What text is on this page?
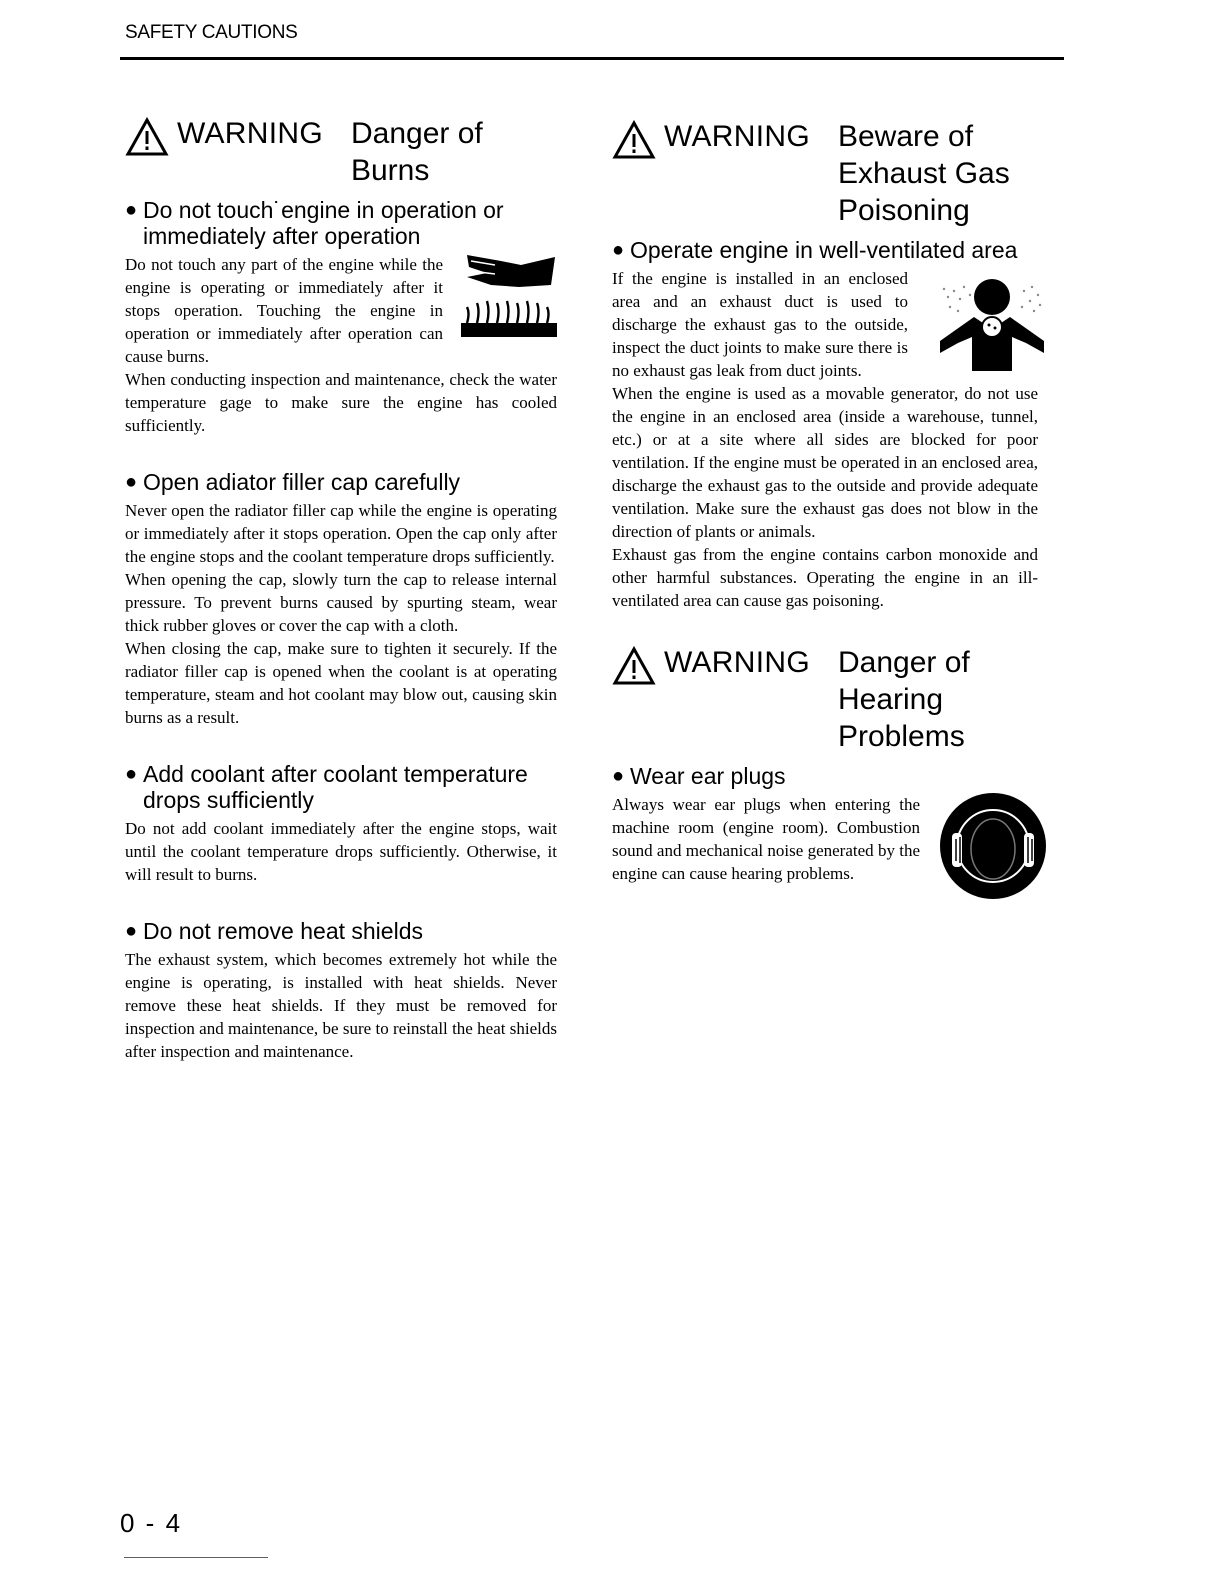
SAFETY CAUTIONS
WARNING Danger of
Burns
● Do not touch˙engine in operation or immediately after operation

Do not touch any part of the engine while the engine is operating or immediately after it stops operation. Touching the engine in operation or immediately after operation can cause burns.

When conducting inspection and maintenance, check the water temperature gage to make sure the engine has cooled sufficiently.

● Open adiator filler cap carefully

Never open the radiator filler cap while the engine is operating or immediately after it stops operation. Open the cap only after the engine stops and the coolant temperature drops sufficiently.

When opening the cap, slowly turn the cap to release internal pressure. To prevent burns caused by spurting steam, wear thick rubber gloves or cover the cap with a cloth.

When closing the cap, make sure to tighten it securely. If the radiator filler cap is opened when the coolant is at operating temperature, steam and hot coolant may blow out, causing skin burns as a result.

● Add coolant after coolant temperature drops sufficiently

Do not add coolant immediately after the engine stops, wait until the coolant temperature drops sufficiently. Otherwise, it will result to burns.

● Do not remove heat shields

The exhaust system, which becomes extremely hot while the engine is operating, is installed with heat shields. Never remove these heat shields. If they must be removed for inspection and maintenance, be sure to reinstall the heat shields after inspection and maintenance.

WARNING Beware of
Exhaust Gas
Poisoning
● Operate engine in well-ventilated area

If the engine is installed in an enclosed area and an exhaust duct is used to discharge the exhaust gas to the outside, inspect the duct joints to make sure there is no exhaust gas leak from duct joints.

When the engine is used as a movable generator, do not use the engine in an enclosed area (inside a warehouse, tunnel, etc.) or at a site where all sides are blocked for poor ventilation. If the engine must be operated in an enclosed area, discharge the exhaust gas to the outside and provide adequate ventilation. Make sure the exhaust gas does not blow in the direction of plants or animals.

Exhaust gas from the engine contains carbon monoxide and other harmful substances. Operating the engine in an ill-ventilated area can cause gas poisoning.

WARNING Danger of
Hearing
Problems
● Wear ear plugs

Always wear ear plugs when entering the machine room (engine room). Combustion sound and mechanical noise generated by the engine can cause hearing problems.

0 - 4
